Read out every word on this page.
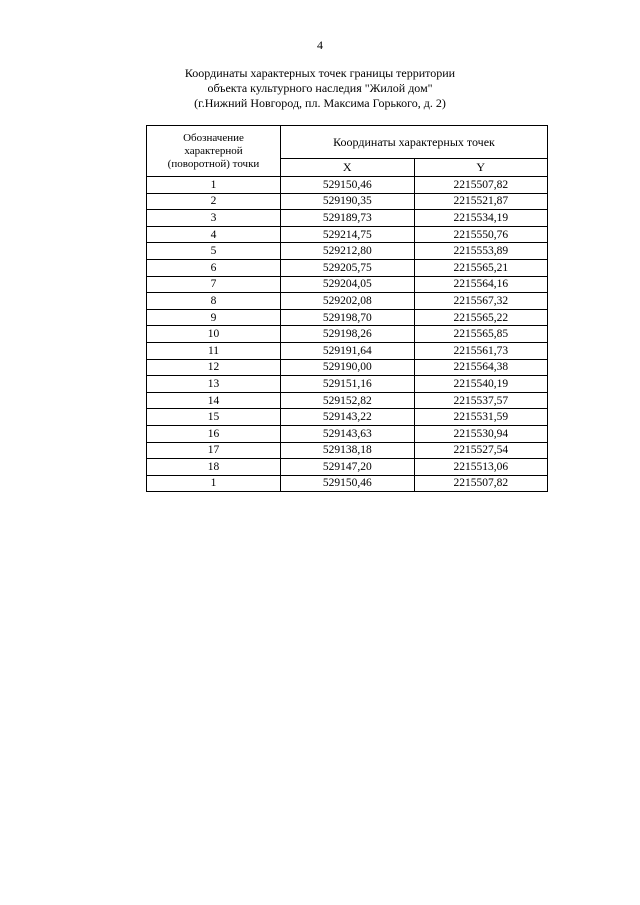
4
Координаты характерных точек границы территории
объекта культурного наследия "Жилой дом"
(г.Нижний Новгород, пл. Максима Горького, д. 2)
Обозначение
характерной
(поворотной) точки	Координаты характерных точек	
	X	Y
1	529150,46	2215507,82
2	529190,35	2215521,87
3	529189,73	2215534,19
4	529214,75	2215550,76
5	529212,80	2215553,89
6	529205,75	2215565,21
7	529204,05	2215564,16
8	529202,08	2215567,32
9	529198,70	2215565,22
10	529198,26	2215565,85
11	529191,64	2215561,73
12	529190,00	2215564,38
13	529151,16	2215540,19
14	529152,82	2215537,57
15	529143,22	2215531,59
16	529143,63	2215530,94
17	529138,18	2215527,54
18	529147,20	2215513,06
1	529150,46	2215507,82
